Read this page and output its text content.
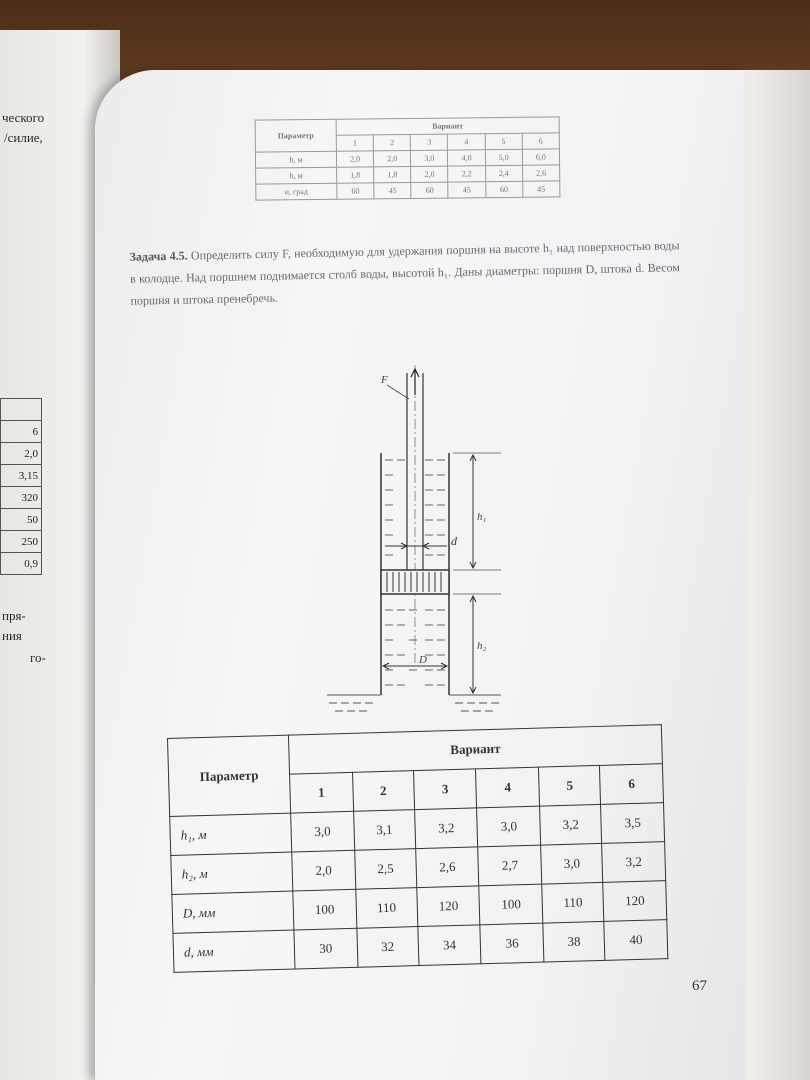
ческого
/силие,

6
2,0
3,15
320
50
250
0,9
пря-
ния
го-
Параметр	Вариант					
	1	2	3	4	5	6
h, м	2,0	2,0	3,0	4,0	5,0	6,0
h, м	1,8	1,8	2,0	2,2	2,4	2,6
α, град	60	45	60	45	60	45
Задача 4.5. Определить силу F, необходимую для удержания поршня на высоте h₁ над поверхностью воды в колодце. Над поршнем поднимается столб воды, высотой h₁. Даны диаметры: поршня D, штока d. Весом поршня и штока пренебречь.
F
h₁
d
h₂
D
Параметр	Вариант					
	1	2	3	4	5	6
h₁, м	3,0	3,1	3,2	3,0	3,2	3,5
h₂, м	2,0	2,5	2,6	2,7	3,0	3,2
D, мм	100	110	120	100	110	120
d, мм	30	32	34	36	38	40
67
